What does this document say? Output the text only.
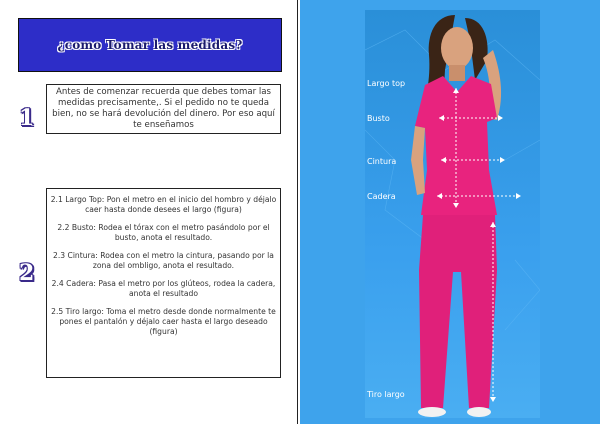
¿como Tomar las medidas?
1
Antes de comenzar recuerda que debes tomar las medidas precisamente,. Si el pedido no te queda bien, no se hará devolución del dinero. Por eso aquí te enseñamos
2

2.1 Largo Top: Pon el metro en el inicio del hombro y déjalo caer hasta donde desees el largo (figura)

2.2 Busto: Rodea el tórax con el metro pasándolo por el busto, anota el resultado.

2.3 Cintura: Rodea con el metro la cintura, pasando por la zona del ombligo, anota el resultado.

2.4 Cadera: Pasa el metro por los glúteos, rodea la cadera, anota el resultado

2.5 Tiro largo: Toma el metro desde donde normalmente te pones el pantalón y déjalo caer hasta el largo deseado (figura)

Largo top
Busto
Cintura
Cadera
Tiro largo
